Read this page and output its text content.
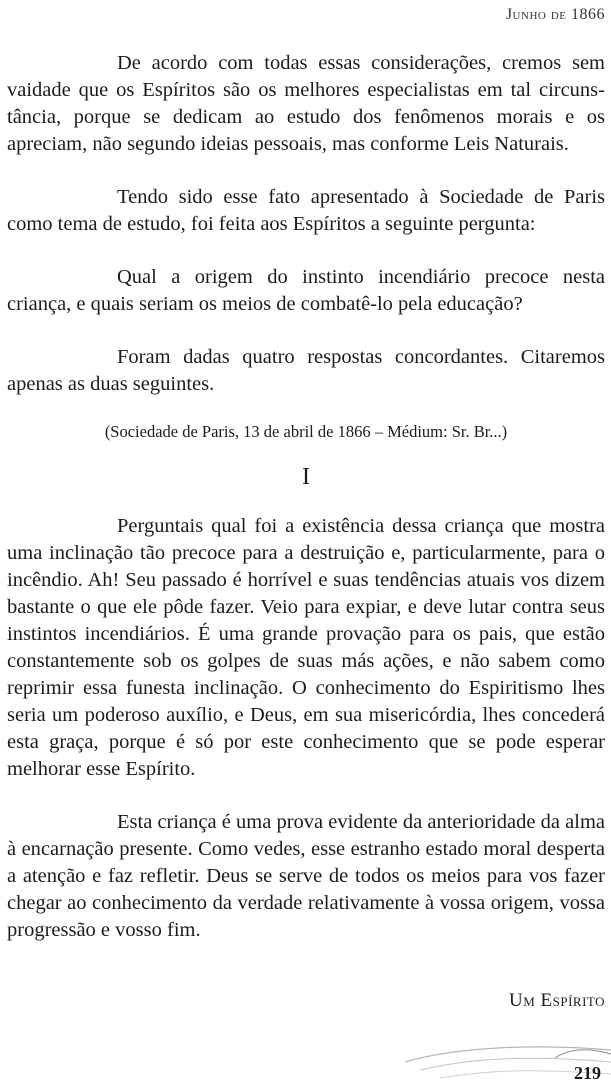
Junho de 1866

De acordo com todas essas considerações, cremos sem vaidade que os Espíritos são os melhores especialistas em tal circunstância, porque se dedicam ao estudo dos fenômenos morais e os apreciam, não segundo ideias pessoais, mas conforme Leis Naturais.

Tendo sido esse fato apresentado à Sociedade de Paris como tema de estudo, foi feita aos Espíritos a seguinte pergunta:

Qual a origem do instinto incendiário precoce nesta criança, e quais seriam os meios de combatê-lo pela educação?

Foram dadas quatro respostas concordantes. Citaremos apenas as duas seguintes.

(Sociedade de Paris, 13 de abril de 1866 – Médium: Sr. Br...)
I

Perguntais qual foi a existência dessa criança que mostra uma inclinação tão precoce para a destruição e, particularmente, para o incêndio. Ah! Seu passado é horrível e suas tendências atuais vos dizem bastante o que ele pôde fazer. Veio para expiar, e deve lutar contra seus instintos incendiários. É uma grande provação para os pais, que estão constantemente sob os golpes de suas más ações, e não sabem como reprimir essa funesta inclinação. O conhecimento do Espiritismo lhes seria um poderoso auxílio, e Deus, em sua misericórdia, lhes concederá esta graça, porque é só por este conhecimento que se pode esperar melhorar esse Espírito.

Esta criança é uma prova evidente da anterioridade da alma à encarnação presente. Como vedes, esse estranho estado moral desperta a atenção e faz refletir. Deus se serve de todos os meios para vos fazer chegar ao conhecimento da verdade relativamente à vossa origem, vossa progressão e vosso fim.

Um Espírito
219
